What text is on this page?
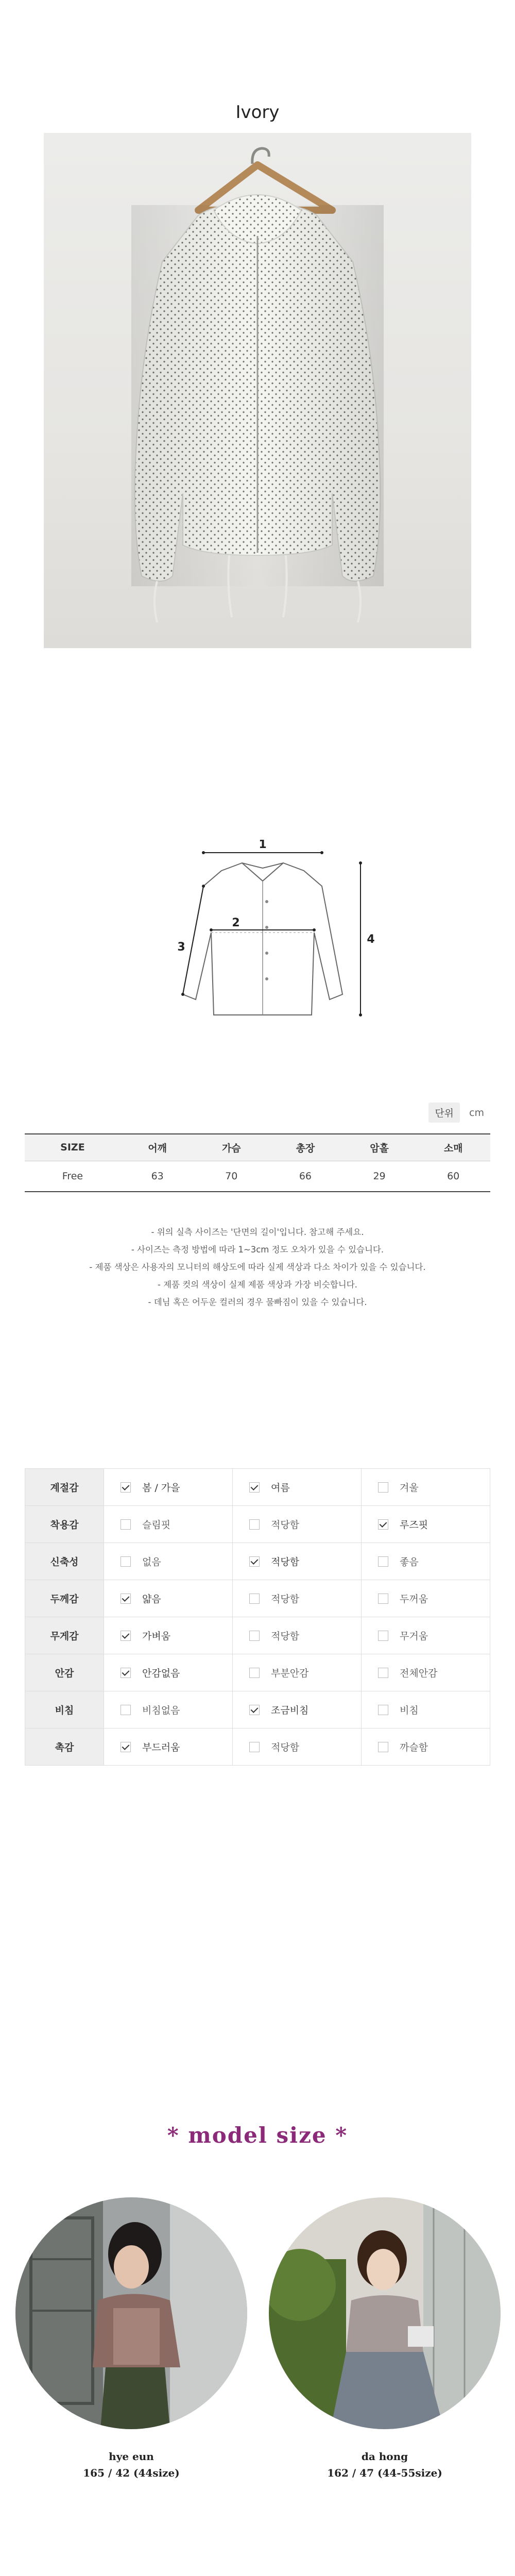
Ivory
1
2
3
4
단위	cm
SIZE	어깨	가슴	총장	암홀	소매
Free	63	70	66	29	60

- 위의 실측 사이즈는 '단면의 길이'입니다. 참고해 주세요.

- 사이즈는 측정 방법에 따라 1~3cm 정도 오차가 있을 수 있습니다.

- 제품 색상은 사용자의 모니터의 해상도에 따라 실제 색상과 다소 차이가 있을 수 있습니다.

- 제품 컷의 색상이 실제 제품 색상과 가장 비슷합니다.

- 데님 혹은 어두운 컬러의 경우 물빠짐이 있을 수 있습니다.

계절감	봄 / 가을	여름	겨울
착용감	슬림핏	적당함	루즈핏
신축성	없음	적당함	좋음
두께감	얇음	적당함	두꺼움
무게감	가벼움	적당함	무거움
안감	안감없음	부분안감	전체안감
비침	비침없음	조금비침	비침
촉감	부드러움	적당함	까슬함
* model size *
hye eun
165 / 42 (44size)
da hong
162 / 47 (44-55size)
